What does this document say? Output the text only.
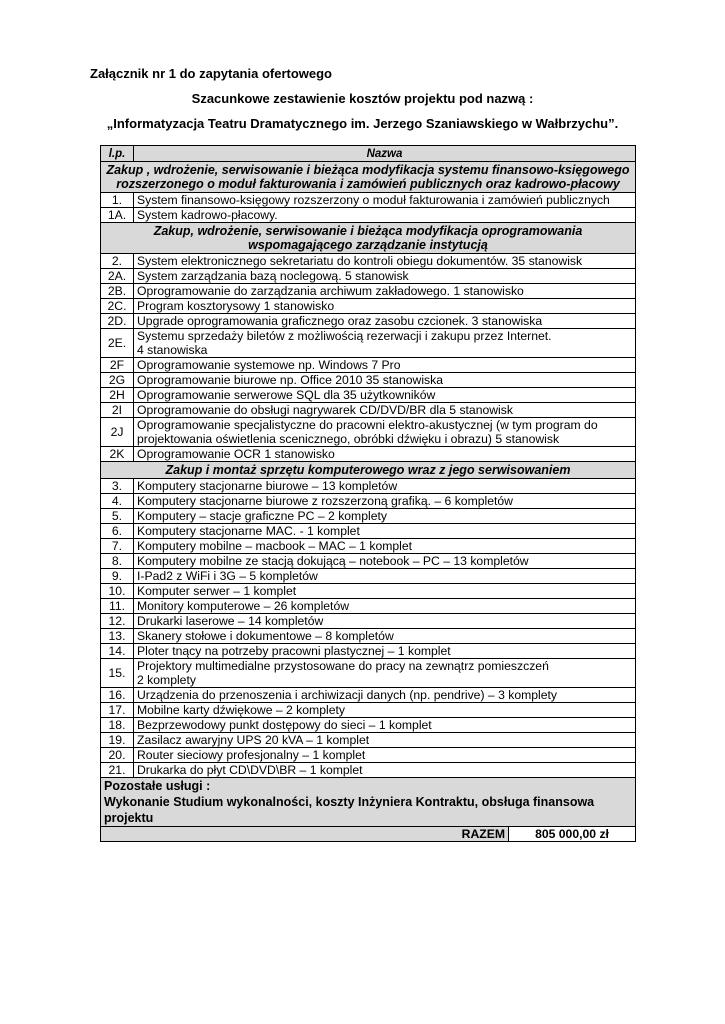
Załącznik nr 1 do zapytania ofertowego
Szacunkowe zestawienie kosztów projektu pod nazwą :
„Informatyzacja Teatru Dramatycznego im. Jerzego Szaniawskiego w Wałbrzychu”.
l.p.	Nazwa	
Zakup , wdrożenie, serwisowanie i bieżąca modyfikacja systemu finansowo-księgowego rozszerzonego o moduł fakturowania i zamówień publicznych oraz kadrowo-płacowy		
1.	System finansowo-księgowy rozszerzony o moduł fakturowania i zamówień publicznych	
1A.	System kadrowo-płacowy.	
Zakup, wdrożenie, serwisowanie i bieżąca modyfikacja oprogramowania wspomagającego zarządzanie instytucją		
2.	System elektronicznego sekretariatu do kontroli obiegu dokumentów. 35 stanowisk	
2A.	System zarządzania bazą noclegową. 5 stanowisk	
2B.	Oprogramowanie do zarządzania archiwum zakładowego. 1 stanowisko	
2C.	Program kosztorysowy 1 stanowisko	
2D.	Upgrade oprogramowania graficznego oraz zasobu czcionek. 3 stanowiska	
2E.	Systemu sprzedaży biletów z możliwością rezerwacji i zakupu przez Internet.
4 stanowiska	
2F	Oprogramowanie systemowe np. Windows 7 Pro	
2G	Oprogramowanie biurowe np. Office 2010 35 stanowiska	
2H	Oprogramowanie serwerowe SQL dla 35 użytkowników	
2I	Oprogramowanie do obsługi nagrywarek CD/DVD/BR dla 5 stanowisk	
2J	Oprogramowanie specjalistyczne do pracowni elektro-akustycznej (w tym program do projektowania oświetlenia scenicznego, obróbki dźwięku i obrazu) 5 stanowisk	
2K	Oprogramowanie OCR 1 stanowisko	
Zakup i montaż sprzętu komputerowego wraz z jego serwisowaniem		
3.	Komputery stacjonarne biurowe – 13 kompletów	
4.	Komputery stacjonarne biurowe z rozszerzoną grafiką. – 6 kompletów	
5.	Komputery – stacje graficzne PC – 2 komplety	
6.	Komputery stacjonarne MAC. - 1 komplet	
7.	Komputery mobilne – macbook – MAC – 1 komplet	
8.	Komputery mobilne ze stacją dokującą – notebook – PC – 13 kompletów	
9.	I-Pad2 z WiFi i 3G – 5 kompletów	
10.	Komputer serwer – 1 komplet	
11.	Monitory komputerowe – 26 kompletów	
12.	Drukarki laserowe – 14 kompletów	
13.	Skanery stołowe i dokumentowe – 8 kompletów	
14.	Ploter tnący na potrzeby pracowni plastycznej – 1 komplet	
15.	Projektory multimedialne przystosowane do pracy na zewnątrz pomieszczeń
2 komplety	
16.	Urządzenia do przenoszenia i archiwizacji danych (np. pendrive) – 3 komplety	
17.	Mobilne karty dźwiękowe – 2 komplety	
18.	Bezprzewodowy punkt dostępowy do sieci – 1 komplet	
19.	Zasilacz awaryjny UPS 20 kVA – 1 komplet	
20.	Router sieciowy profesjonalny – 1 komplet	
21.	Drukarka do płyt CD\DVD\BR – 1 komplet	

Pozostałe usługi :
Wykonanie Studium wykonalności, koszty Inżyniera Kontraktu, obsługa finansowa projektu		

RAZEM		805 000,00 zł
